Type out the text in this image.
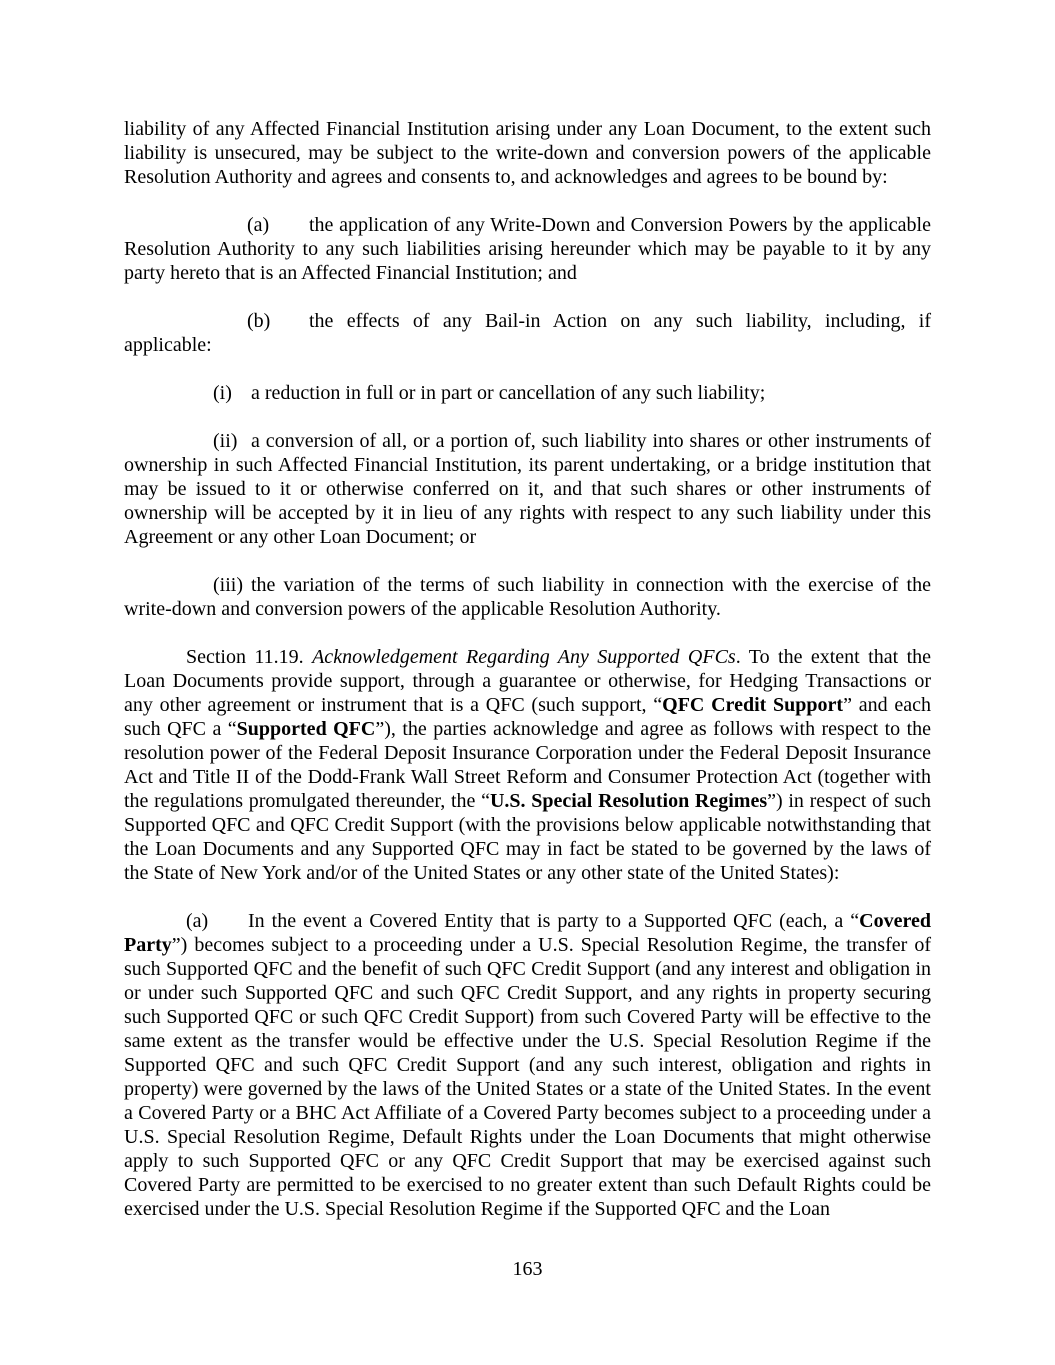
liability of any Affected Financial Institution arising under any Loan Document, to the extent such liability is unsecured, may be subject to the write-down and conversion powers of the applicable Resolution Authority and agrees and consents to, and acknowledges and agrees to be bound by:

(a) the application of any Write-Down and Conversion Powers by the applicable Resolution Authority to any such liabilities arising hereunder which may be payable to it by any party hereto that is an Affected Financial Institution; and

(b) the effects of any Bail-in Action on any such liability, including, if applicable:

(i) a reduction in full or in part or cancellation of any such liability;

(ii) a conversion of all, or a portion of, such liability into shares or other instruments of ownership in such Affected Financial Institution, its parent undertaking, or a bridge institution that may be issued to it or otherwise conferred on it, and that such shares or other instruments of ownership will be accepted by it in lieu of any rights with respect to any such liability under this Agreement or any other Loan Document; or

(iii) the variation of the terms of such liability in connection with the exercise of the write-down and conversion powers of the applicable Resolution Authority.

Section 11.19. Acknowledgement Regarding Any Supported QFCs. To the extent that the Loan Documents provide support, through a guarantee or otherwise, for Hedging Transactions or any other agreement or instrument that is a QFC (such support, “QFC Credit Support” and each such QFC a “Supported QFC”), the parties acknowledge and agree as follows with respect to the resolution power of the Federal Deposit Insurance Corporation under the Federal Deposit Insurance Act and Title II of the Dodd-Frank Wall Street Reform and Consumer Protection Act (together with the regulations promulgated thereunder, the “U.S. Special Resolution Regimes”) in respect of such Supported QFC and QFC Credit Support (with the provisions below applicable notwithstanding that the Loan Documents and any Supported QFC may in fact be stated to be governed by the laws of the State of New York and/or of the United States or any other state of the United States):

(a) In the event a Covered Entity that is party to a Supported QFC (each, a “Covered Party”) becomes subject to a proceeding under a U.S. Special Resolution Regime, the transfer of such Supported QFC and the benefit of such QFC Credit Support (and any interest and obligation in or under such Supported QFC and such QFC Credit Support, and any rights in property securing such Supported QFC or such QFC Credit Support) from such Covered Party will be effective to the same extent as the transfer would be effective under the U.S. Special Resolution Regime if the Supported QFC and such QFC Credit Support (and any such interest, obligation and rights in property) were governed by the laws of the United States or a state of the United States. In the event a Covered Party or a BHC Act Affiliate of a Covered Party becomes subject to a proceeding under a U.S. Special Resolution Regime, Default Rights under the Loan Documents that might otherwise apply to such Supported QFC or any QFC Credit Support that may be exercised against such Covered Party are permitted to be exercised to no greater extent than such Default Rights could be exercised under the U.S. Special Resolution Regime if the Supported QFC and the Loan

163
